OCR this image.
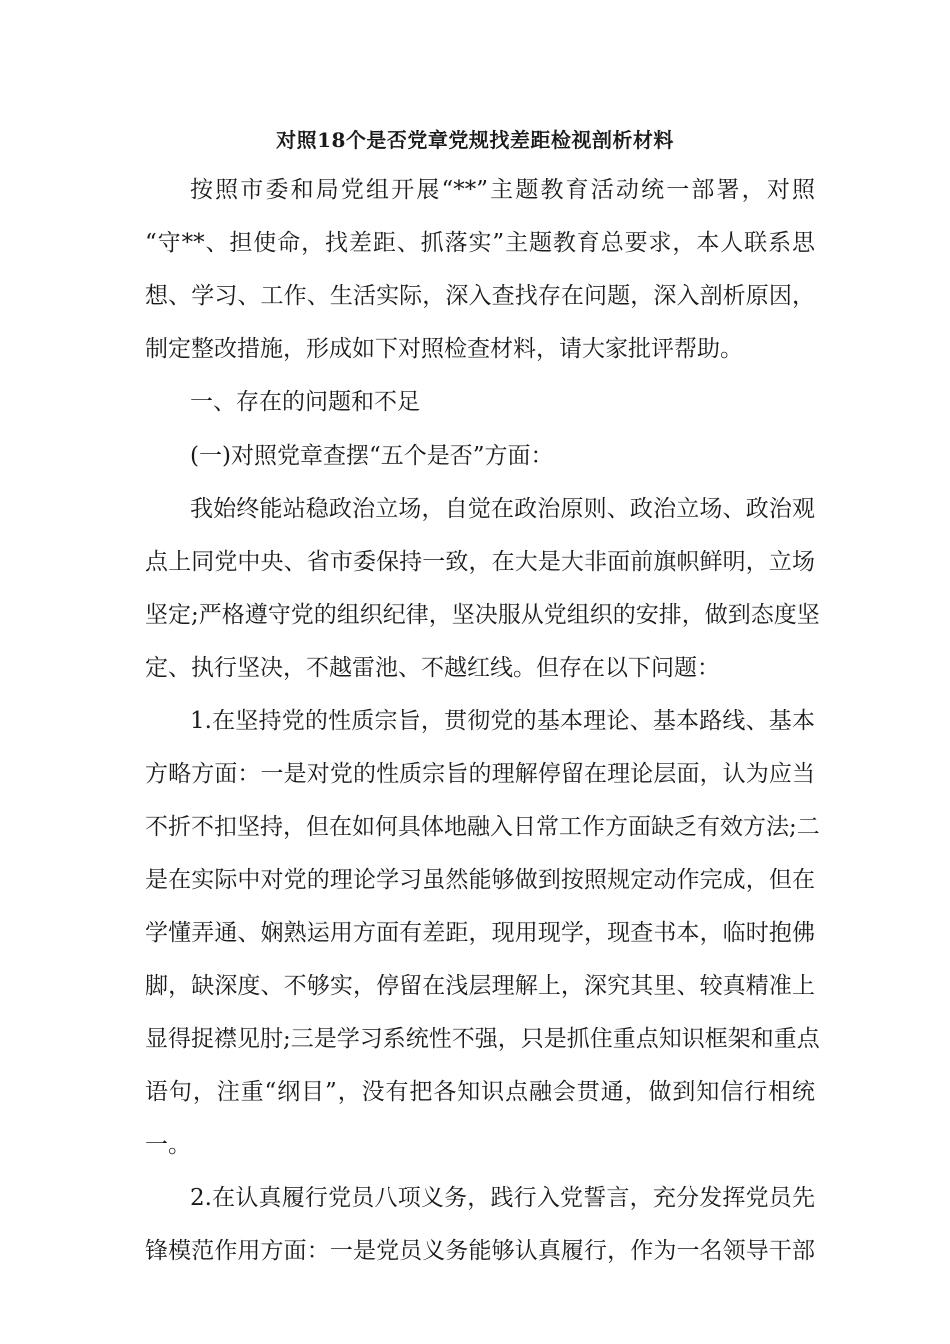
对照18个是否党章党规找差距检视剖析材料

按照市委和局党组开展“**”主题教育活动统一部署，对照

“守**、担使命，找差距、抓落实”主题教育总要求，本人联系思

想、学习、工作、生活实际，深入查找存在问题，深入剖析原因，

制定整改措施，形成如下对照检查材料，请大家批评帮助。

一、存在的问题和不足

(一)对照党章查摆“五个是否”方面：

我始终能站稳政治立场，自觉在政治原则、政治立场、政治观

点上同党中央、省市委保持一致，在大是大非面前旗帜鲜明，立场

坚定;严格遵守党的组织纪律，坚决服从党组织的安排，做到态度坚

定、执行坚决，不越雷池、不越红线。但存在以下问题：

1.在坚持党的性质宗旨，贯彻党的基本理论、基本路线、基本

方略方面：一是对党的性质宗旨的理解停留在理论层面，认为应当

不折不扣坚持，但在如何具体地融入日常工作方面缺乏有效方法;二

是在实际中对党的理论学习虽然能够做到按照规定动作完成，但在

学懂弄通、娴熟运用方面有差距，现用现学，现查书本，临时抱佛

脚，缺深度、不够实，停留在浅层理解上，深究其里、较真精准上

显得捉襟见肘;三是学习系统性不强，只是抓住重点知识框架和重点

语句，注重“纲目”，没有把各知识点融会贯通，做到知信行相统

一。

2.在认真履行党员八项义务，践行入党誓言，充分发挥党员先

锋模范作用方面：一是党员义务能够认真履行，作为一名领导干部
